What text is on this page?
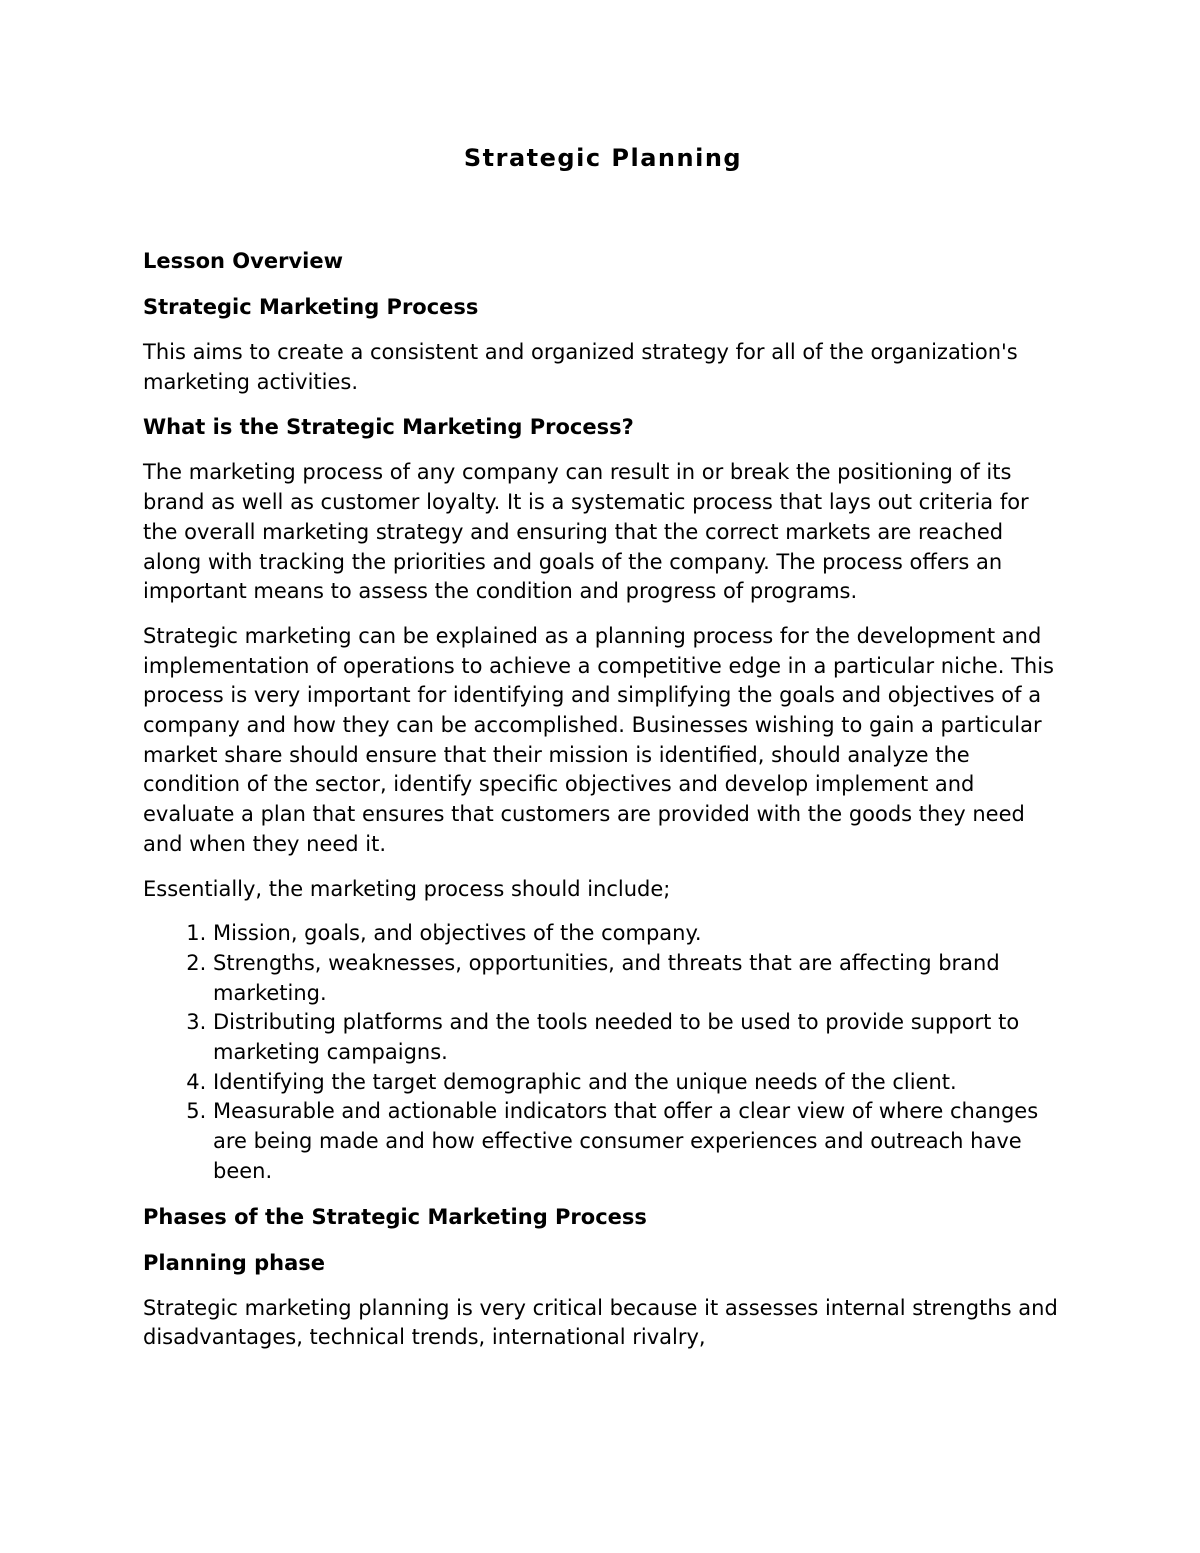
Strategic Planning
Lesson Overview
Strategic Marketing Process

This aims to create a consistent and organized strategy for all of the organization's marketing activities.

What is the Strategic Marketing Process?

The marketing process of any company can result in or break the positioning of its brand as well as customer loyalty. It is a systematic process that lays out criteria for the overall marketing strategy and ensuring that the correct markets are reached along with tracking the priorities and goals of the company. The process offers an important means to assess the condition and progress of programs.

Strategic marketing can be explained as a planning process for the development and implementation of operations to achieve a competitive edge in a particular niche. This process is very important for identifying and simplifying the goals and objectives of a company and how they can be accomplished. Businesses wishing to gain a particular market share should ensure that their mission is identified, should analyze the condition of the sector, identify specific objectives and develop implement and evaluate a plan that ensures that customers are provided with the goods they need and when they need it.

Essentially, the marketing process should include;

1. Mission, goals, and objectives of the company.
2. Strengths, weaknesses, opportunities, and threats that are affecting brand marketing.
3. Distributing platforms and the tools needed to be used to provide support to marketing campaigns.
4. Identifying the target demographic and the unique needs of the client.
5. Measurable and actionable indicators that offer a clear view of where changes are being made and how effective consumer experiences and outreach have been.
Phases of the Strategic Marketing Process
Planning phase

Strategic marketing planning is very critical because it assesses internal strengths and disadvantages, technical trends, international rivalry,
